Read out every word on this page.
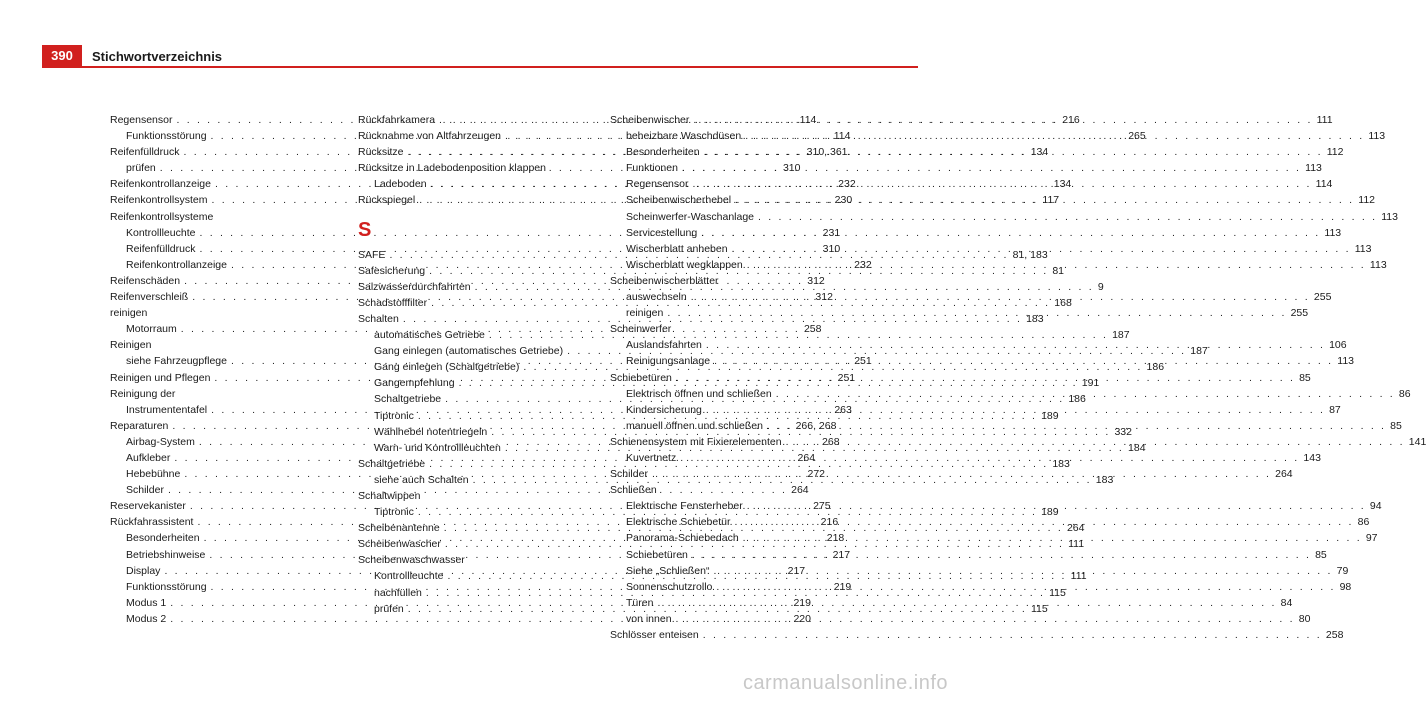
390	Stichwortverzeichnis
Regensensor . . .	114
Funktionsstörung . . .	114
Reifenfülldruck . . .	310, 361
prüfen . . .	310
Reifenkontrollanzeige . . .	232
Reifenkontrollsystem . . .	230
Reifenkontrollsysteme
Kontrollleuchte . . .	231
Reifenfülldruck . . .	310
Reifenkontrollanzeige . . .	232
Reifenschäden . . .	312
Reifenverschleiß . . .	312
reinigen
Motorraum . . .	258
Reinigen
siehe Fahrzeugpflege . . .	251
Reinigen und Pflegen . . .	251
Reinigung der
Instrumententafel . . .	263
Reparaturen . . .	266, 268
Airbag-System . . .	268
Aufkleber . . .	264
Hebebühne . . .	272
Schilder . . .	264
Reservekanister . . .	275
Rückfahrassistent . . .	216
Besonderheiten . . .	218
Betriebshinweise . . .	217
Display . . .	217
Funktionsstörung . . .	219
Modus 1 . . .	219
Modus 2 . . .	220
Rückfahrkamera . . .	216
Rücknahme von Altfahrzeugen . . .	265
Rücksitze . . .	134
Rücksitze in Ladebodenposition klappen
Ladeboden . . .	134
Rückspiegel . . .	117
S
SAFE . . .	81, 183
Safesicherung . . .	81
Salzwasserdurchfahrten . . .	9
Schadstofffilter . . .	168
Schalten . . .	183
automatisches Getriebe . . .	187
Gang einlegen (automatisches Getriebe) . . .	187
Gang einlegen (Schaltgetriebe) . . .	186
Gangempfehlung . . .	191
Schaltgetriebe . . .	186
Tiptronic . . .	189
Wählhebel notentriegeln . . .	332
Warn- und Kontrollleuchten . . .	184
Schaltgetriebe . . .	183
siehe auch Schalten . . .	183
Schaltwippen
Tiptronic . . .	189
Scheibenantenne . . .	264
Scheibenwascher . . .	111
Scheibenwaschwasser
Kontrollleuchte . . .	111
nachfüllen . . .	115
prüfen . . .	115
Scheibenwischer . . .	111
beheizbare Waschdüsen . . .	113
Besonderheiten . . .	112
Funktionen . . .	113
Regensensor . . .	114
Scheibenwischerhebel . . .	112
Scheinwerfer-Waschanlage . . .	113
Servicestellung . . .	113
Wischerblatt anheben . . .	113
Wischerblatt wegklappen . . .	113
Scheibenwischerblätter
auswechseln . . .	255
reinigen . . .	255
Scheinwerfer
Auslandsfahrten . . .	106
Reinigungsanlage . . .	113
Schiebetüren . . .	85
Elektrisch öffnen und schließen . . .	86
Kindersicherung . . .	87
manuell öffnen und schließen . . .	85
Schienensystem mit Fixierelementen . . .	141
Kuvertnetz . . .	143
Schilder . . .	264
Schließen
Elektrische Fensterheber . . .	94
Elektrische Schiebetür . . .	86
Panorama-Schiebedach . . .	97
Schiebetüren . . .	85
Siehe „Schließen“ . . .	79
Sonnenschutzrollo . . .	98
Türen . . .	84
von innen . . .	80
Schlösser enteisen . . .	258
carmanualsonline.info
